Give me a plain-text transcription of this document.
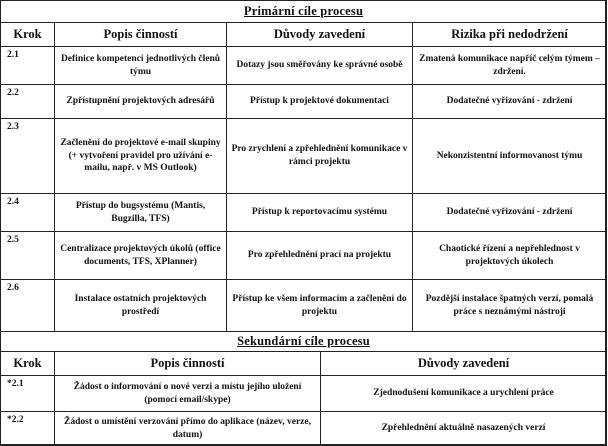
Primární cíle procesu			
Krok	Popis činností	Důvody zavedení	Rizika při nedodržení
2.1	Definice kompetencí jednotlivých členů týmu	Dotazy jsou směřovány ke správné osobě	Zmatená komunikace napříč celým týmem – zdržení.
2.2	Zpřístupnění projektových adresářů	Přístup k projektové dokumentaci	Dodatečné vyřizování - zdržení
2.3	Začlenění do projektové e-mail skupiny (+ vytvoření pravidel pro užívání e-mailu, např. v MS Outlook)	Pro zrychlení a zpřehlednění komunikace v rámci projektu	Nekonzistentní informovanost týmu
2.4	Přístup do bugsystému (Mantis, Bugzilla, TFS)	Přístup k reportovacímu systému	Dodatečné vyřizování - zdržení
2.5	Centralizace projektových úkolů (office documents, TFS, XPlanner)	Pro zpřehlednění prací na projektu	Chaotické řízení a nepřehlednost v projektových úkolech
2.6	Instalace ostatních projektových prostředí	Přístup ke všem informacím a začlenění do projektu	Pozdější instalace špatných verzí, pomalá práce s neznámými nástroji
Sekundární cíle procesu		
Krok	Popis činností	Důvody zavedení
*2.1	Žádost o informování o nové verzi a místu jejího uložení (pomocí email/skype)	Zjednodušení komunikace a urychlení práce
*2.2	Žádost o umístění verzování přímo do aplikace (název, verze, datum)	Zpřehlednění aktuálně nasazených verzí
